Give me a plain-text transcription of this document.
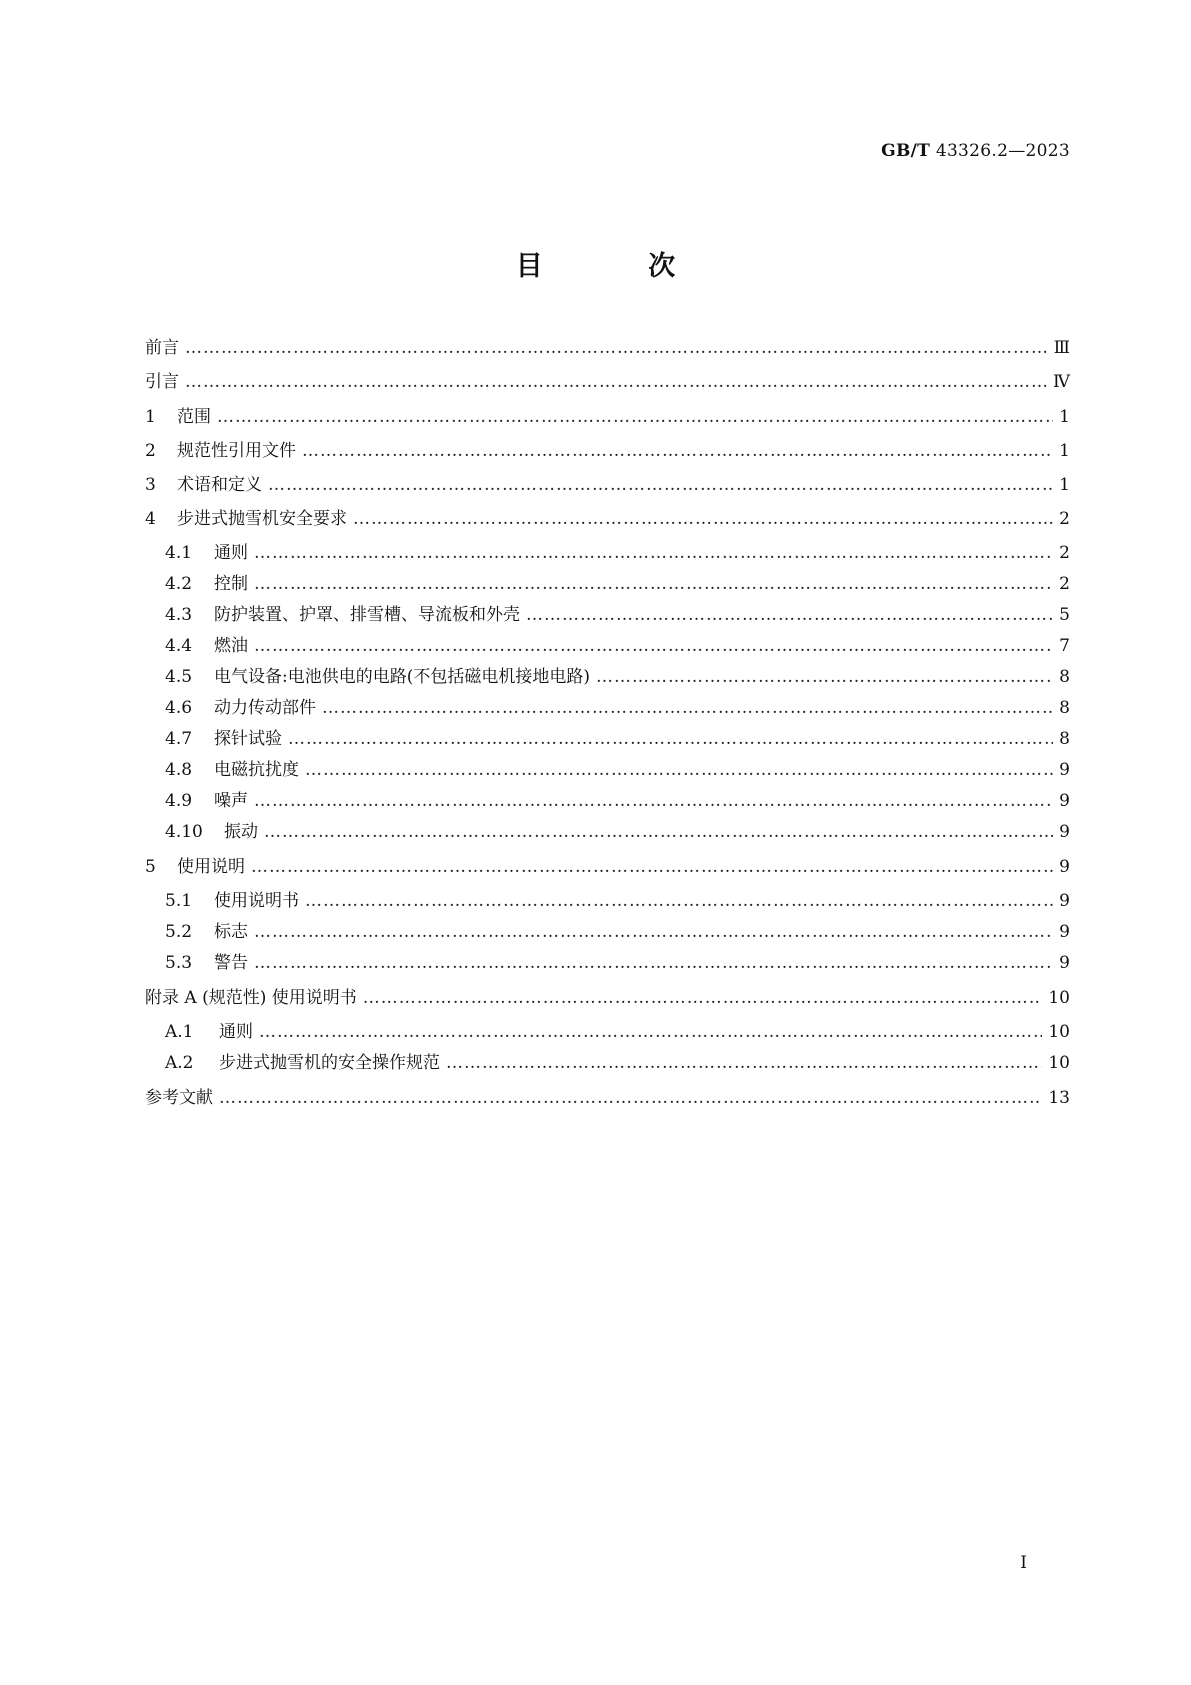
GB/T 43326.2—2023
目 次
前言 …………………………………………………………………………………………………………………………………………………………………………………………………………………………	Ⅲ
引言 …………………………………………………………………………………………………………………………………………………………………………………………………………………………	Ⅳ
1	范围 …………………………………………………………………………………………………………………………………………………………………………………………………………………………	1
2	规范性引用文件 …………………………………………………………………………………………………………………………………………………………………………………………………………………………	1
3	术语和定义 …………………………………………………………………………………………………………………………………………………………………………………………………………………………	1
4	步进式抛雪机安全要求 …………………………………………………………………………………………………………………………………………………………………………………………………………………………	2
4.1	通则 …………………………………………………………………………………………………………………………………………………………………………………………………………………………	2
4.2	控制 …………………………………………………………………………………………………………………………………………………………………………………………………………………………	2
4.3	防护装置、护罩、排雪槽、导流板和外壳 …………………………………………………………………………………………………………………………………………………………………………………………………………………………	5
4.4	燃油 …………………………………………………………………………………………………………………………………………………………………………………………………………………………	7
4.5	电气设备:电池供电的电路(不包括磁电机接地电路) …………………………………………………………………………………………………………………………………………………………………………………………………………………………	8
4.6	动力传动部件 …………………………………………………………………………………………………………………………………………………………………………………………………………………………	8
4.7	探针试验 …………………………………………………………………………………………………………………………………………………………………………………………………………………………	8
4.8	电磁抗扰度 …………………………………………………………………………………………………………………………………………………………………………………………………………………………	9
4.9	噪声 …………………………………………………………………………………………………………………………………………………………………………………………………………………………	9
4.10	振动 …………………………………………………………………………………………………………………………………………………………………………………………………………………………	9
5	使用说明 …………………………………………………………………………………………………………………………………………………………………………………………………………………………	9
5.1	使用说明书 …………………………………………………………………………………………………………………………………………………………………………………………………………………………	9
5.2	标志 …………………………………………………………………………………………………………………………………………………………………………………………………………………………	9
5.3	警告 …………………………………………………………………………………………………………………………………………………………………………………………………………………………	9
附录 A (规范性) 使用说明书 …………………………………………………………………………………………………………………………………………………………………………………………………………………………	10
A.1	通则 …………………………………………………………………………………………………………………………………………………………………………………………………………………………	10
A.2	步进式抛雪机的安全操作规范 …………………………………………………………………………………………………………………………………………………………………………………………………………………………	10
参考文献 …………………………………………………………………………………………………………………………………………………………………………………………………………………………	13
Ⅰ
